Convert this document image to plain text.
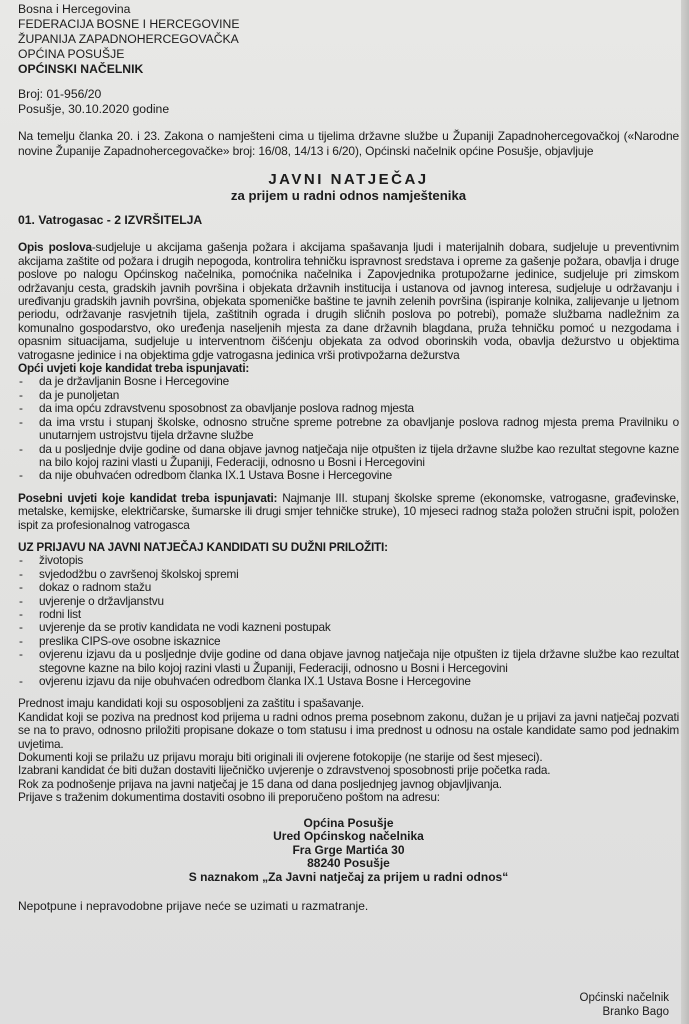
Bosna i Hercegovina
FEDERACIJA BOSNE I HERCEGOVINE
ŽUPANIJA ZAPADNOHERCEGOVAČKA
OPĆINA POSUŠJE
OPĆINSKI NAČELNIK
Broj: 01-956/20
Posušje, 30.10.2020 godine
Na temelju članka 20. i 23. Zakona o namješteni cima u tijelima državne službe u Županiji Zapadnohercegovačkoj («Narodne novine Županije Zapadnohercegovačke» broj: 16/08, 14/13 i 6/20), Općinski načelnik općine Posušje, objavljuje
JAVNI NATJEČAJ
za prijem u radni odnos namještenika
01. Vatrogasac - 2 IZVRŠITELJA
Opis poslova-sudjeluje u akcijama gašenja požara i akcijama spašavanja ljudi i materijalnih dobara, sudjeluje u preventivnim akcijama zaštite od požara i drugih nepogoda, kontrolira tehničku ispravnost sredstava i opreme za gašenje požara, obavlja i druge poslove po nalogu Općinskog načelnika, pomoćnika načelnika i Zapovjednika protupožarne jedinice, sudjeluje pri zimskom održavanju cesta, gradskih javnih površina i objekata državnih institucija i ustanova od javnog interesa, sudjeluje u održavanju i uređivanju gradskih javnih površina, objekata spomeničke baštine te javnih zelenih površina (ispiranje kolnika, zalijevanje u ljetnom periodu, održavanje rasvjetnih tijela, zaštitnih ograda i drugih sličnih poslova po potrebi), pomaže službama nadležnim za komunalno gospodarstvo, oko uređenja naseljenih mjesta za dane državnih blagdana, pruža tehničku pomoć u nezgodama i opasnim situacijama, sudjeluje u interventnom čišćenju objekata za odvod oborinskih voda, obavlja dežurstvo u objektima vatrogasne jedinice i na objektima gdje vatrogasna jedinica vrši protivpožarna dežurstva
Opći uvjeti koje kandidat treba ispunjavati:
- da je državljanin Bosne i Hercegovine
- da je punoljetan
- da ima opću zdravstvenu sposobnost za obavljanje poslova radnog mjesta
- da ima vrstu i stupanj školske, odnosno stručne spreme potrebne za obavljanje poslova radnog mjesta prema Pravilniku o unutarnjem ustrojstvu tijela državne službe
- da u posljednje dvije godine od dana objave javnog natječaja nije otpušten iz tijela državne službe kao rezultat stegovne kazne na bilo kojoj razini vlasti u Županiji, Federaciji, odnosno u Bosni i Hercegovini
- da nije obuhvaćen odredbom članka IX.1 Ustava Bosne i Hercegovine
Posebni uvjeti koje kandidat treba ispunjavati: Najmanje III. stupanj školske spreme (ekonomske, vatrogasne, građevinske, metalske, kemijske, električarske, šumarske ili drugi smjer tehničke struke), 10 mjeseci radnog staža položen stručni ispit, položen ispit za profesionalnog vatrogasca
UZ PRIJAVU NA JAVNI NATJEČAJ KANDIDATI SU DUŽNI PRILOŽITI:
- životopis
- svjedodžbu o završenoj školskoj spremi
- dokaz o radnom stažu
- uvjerenje o državljanstvu
- rodni list
- uvjerenje da se protiv kandidata ne vodi kazneni postupak
- preslika CIPS-ove osobne iskaznice
- ovjerenu izjavu da u posljednje dvije godine od dana objave javnog natječaja nije otpušten iz tijela državne službe kao rezultat stegovne kazne na bilo kojoj razini vlasti u Županiji, Federaciji, odnosno u Bosni i Hercegovini
- ovjerenu izjavu da nije obuhvaćen odredbom članka IX.1 Ustava Bosne i Hercegovine
Prednost imaju kandidati koji su osposobljeni za zaštitu i spašavanje.
Kandidat koji se poziva na prednost kod prijema u radni odnos prema posebnom zakonu, dužan je u prijavi za javni natječaj pozvati se na to pravo, odnosno priložiti propisane dokaze o tom statusu i ima prednost u odnosu na ostale kandidate samo pod jednakim uvjetima.
Dokumenti koji se prilažu uz prijavu moraju biti originali ili ovjerene fotokopije (ne starije od šest mjeseci).
Izabrani kandidat će biti dužan dostaviti liječničko uvjerenje o zdravstvenoj sposobnosti prije početka rada.
Rok za podnošenje prijava na javni natječaj je 15 dana od dana posljednjeg javnog objavljivanja.
Prijave s traženim dokumentima dostaviti osobno ili preporučeno poštom na adresu:
Općina Posušje
Ured Općinskog načelnika
Fra Grge Martića 30
88240 Posušje
S naznakom „Za Javni natječaj za prijem u radni odnos“
Nepotpune i nepravodobne prijave neće se uzimati u razmatranje.
Općinski načelnik
Branko Bago
